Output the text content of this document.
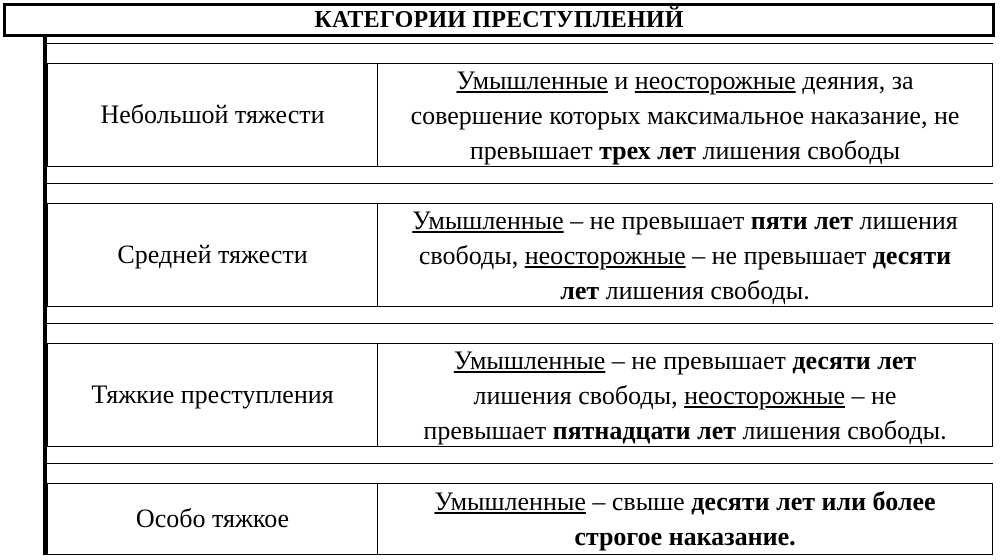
КАТЕГОРИИ ПРЕСТУПЛЕНИЙ
Небольшой тяжести
Умышленные и неосторожные деяния, за
совершение которых максимальное наказание, не
превышает трех лет лишения свободы
Средней тяжести
Умышленные – не превышает пяти лет лишения
свободы, неосторожные – не превышает десяти
лет лишения свободы.
Тяжкие преступления
Умышленные – не превышает десяти лет
лишения свободы, неосторожные – не
превышает пятнадцати лет лишения свободы.
Особо тяжкое
Умышленные – свыше десяти лет или более
строгое наказание.
